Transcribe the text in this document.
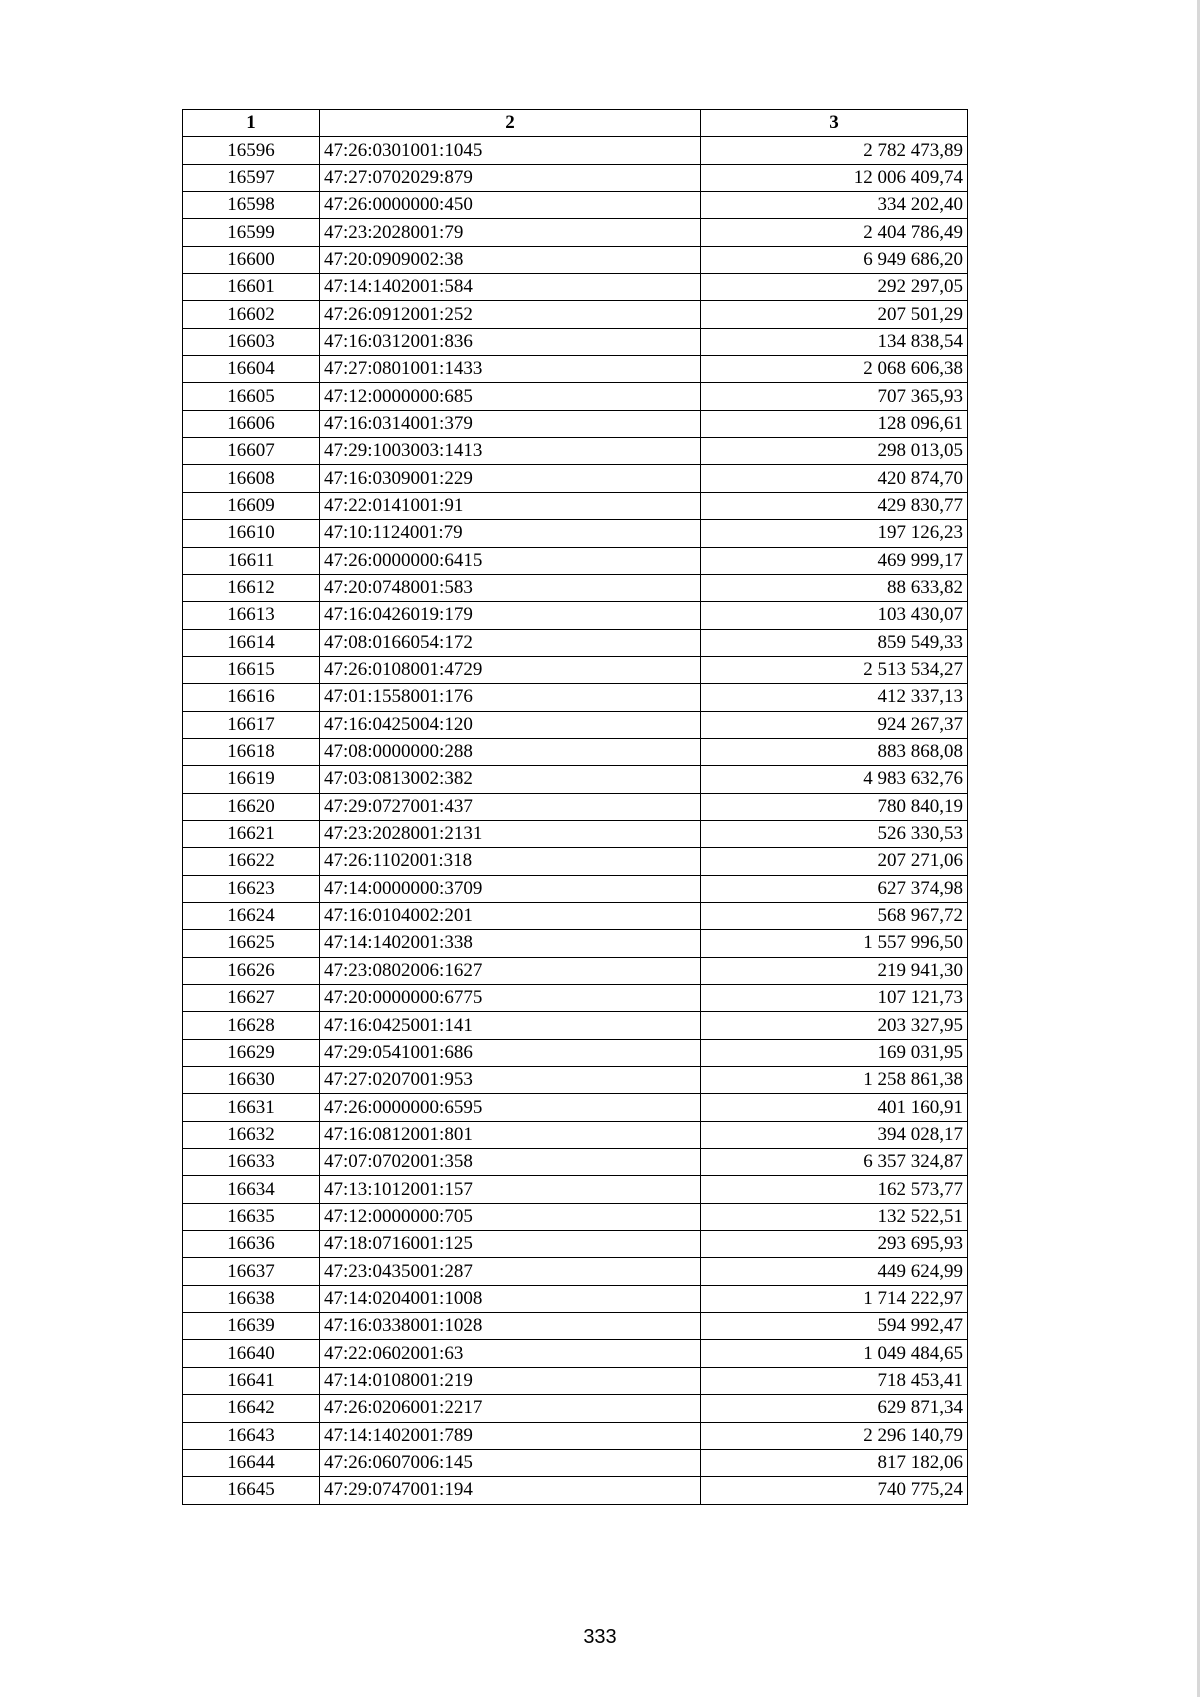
1	2	3
16596	47:26:0301001:1045	2 782 473,89
16597	47:27:0702029:879	12 006 409,74
16598	47:26:0000000:450	334 202,40
16599	47:23:2028001:79	2 404 786,49
16600	47:20:0909002:38	6 949 686,20
16601	47:14:1402001:584	292 297,05
16602	47:26:0912001:252	207 501,29
16603	47:16:0312001:836	134 838,54
16604	47:27:0801001:1433	2 068 606,38
16605	47:12:0000000:685	707 365,93
16606	47:16:0314001:379	128 096,61
16607	47:29:1003003:1413	298 013,05
16608	47:16:0309001:229	420 874,70
16609	47:22:0141001:91	429 830,77
16610	47:10:1124001:79	197 126,23
16611	47:26:0000000:6415	469 999,17
16612	47:20:0748001:583	88 633,82
16613	47:16:0426019:179	103 430,07
16614	47:08:0166054:172	859 549,33
16615	47:26:0108001:4729	2 513 534,27
16616	47:01:1558001:176	412 337,13
16617	47:16:0425004:120	924 267,37
16618	47:08:0000000:288	883 868,08
16619	47:03:0813002:382	4 983 632,76
16620	47:29:0727001:437	780 840,19
16621	47:23:2028001:2131	526 330,53
16622	47:26:1102001:318	207 271,06
16623	47:14:0000000:3709	627 374,98
16624	47:16:0104002:201	568 967,72
16625	47:14:1402001:338	1 557 996,50
16626	47:23:0802006:1627	219 941,30
16627	47:20:0000000:6775	107 121,73
16628	47:16:0425001:141	203 327,95
16629	47:29:0541001:686	169 031,95
16630	47:27:0207001:953	1 258 861,38
16631	47:26:0000000:6595	401 160,91
16632	47:16:0812001:801	394 028,17
16633	47:07:0702001:358	6 357 324,87
16634	47:13:1012001:157	162 573,77
16635	47:12:0000000:705	132 522,51
16636	47:18:0716001:125	293 695,93
16637	47:23:0435001:287	449 624,99
16638	47:14:0204001:1008	1 714 222,97
16639	47:16:0338001:1028	594 992,47
16640	47:22:0602001:63	1 049 484,65
16641	47:14:0108001:219	718 453,41
16642	47:26:0206001:2217	629 871,34
16643	47:14:1402001:789	2 296 140,79
16644	47:26:0607006:145	817 182,06
16645	47:29:0747001:194	740 775,24
333
